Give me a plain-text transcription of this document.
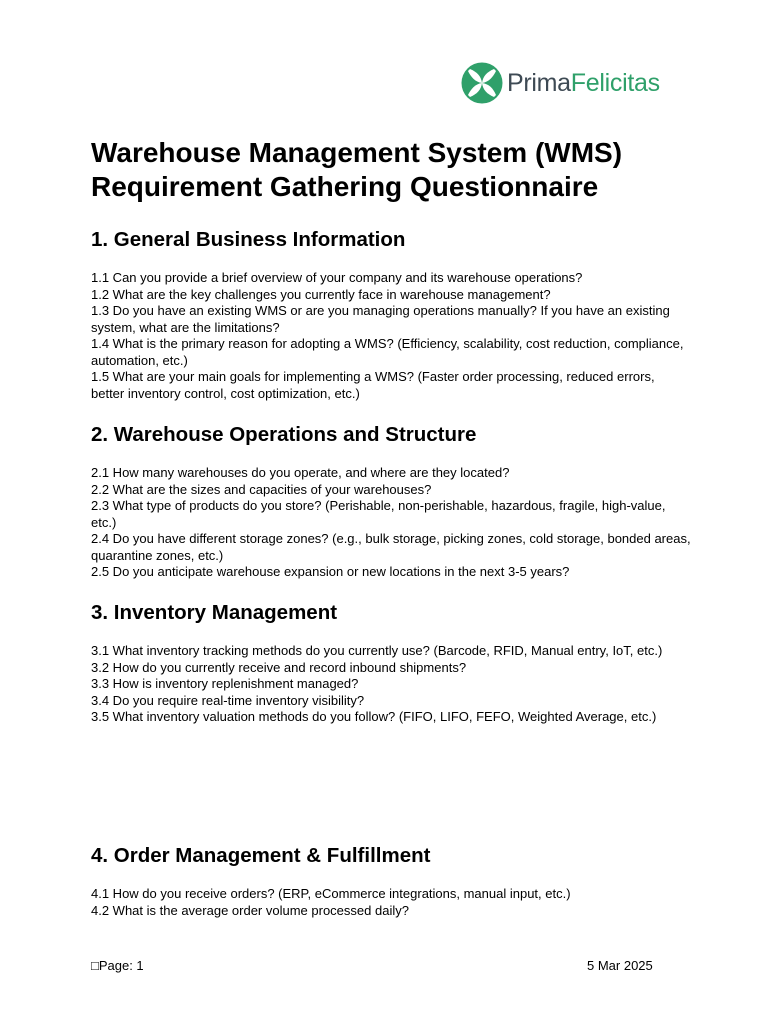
PrimaFelicitas
Warehouse Management System (WMS)
Requirement Gathering Questionnaire
1. General Business Information
1.1 Can you provide a brief overview of your company and its warehouse operations?
1.2 What are the key challenges you currently face in warehouse management?
1.3 Do you have an existing WMS or are you managing operations manually? If you have an existing system, what are the limitations?
1.4 What is the primary reason for adopting a WMS? (Efficiency, scalability, cost reduction, compliance, automation, etc.)
1.5 What are your main goals for implementing a WMS? (Faster order processing, reduced errors, better inventory control, cost optimization, etc.)
2. Warehouse Operations and Structure
2.1 How many warehouses do you operate, and where are they located?
2.2 What are the sizes and capacities of your warehouses?
2.3 What type of products do you store? (Perishable, non-perishable, hazardous, fragile, high-value, etc.)
2.4 Do you have different storage zones? (e.g., bulk storage, picking zones, cold storage, bonded areas, quarantine zones, etc.)
2.5 Do you anticipate warehouse expansion or new locations in the next 3-5 years?
3. Inventory Management
3.1 What inventory tracking methods do you currently use? (Barcode, RFID, Manual entry, IoT, etc.)
3.2 How do you currently receive and record inbound shipments?
3.3 How is inventory replenishment managed?
3.4 Do you require real-time inventory visibility?
3.5 What inventory valuation methods do you follow? (FIFO, LIFO, FEFO, Weighted Average, etc.)
4. Order Management & Fulfillment
4.1 How do you receive orders? (ERP, eCommerce integrations, manual input, etc.)
4.2 What is the average order volume processed daily?
□Page: 1	5 Mar 2025
